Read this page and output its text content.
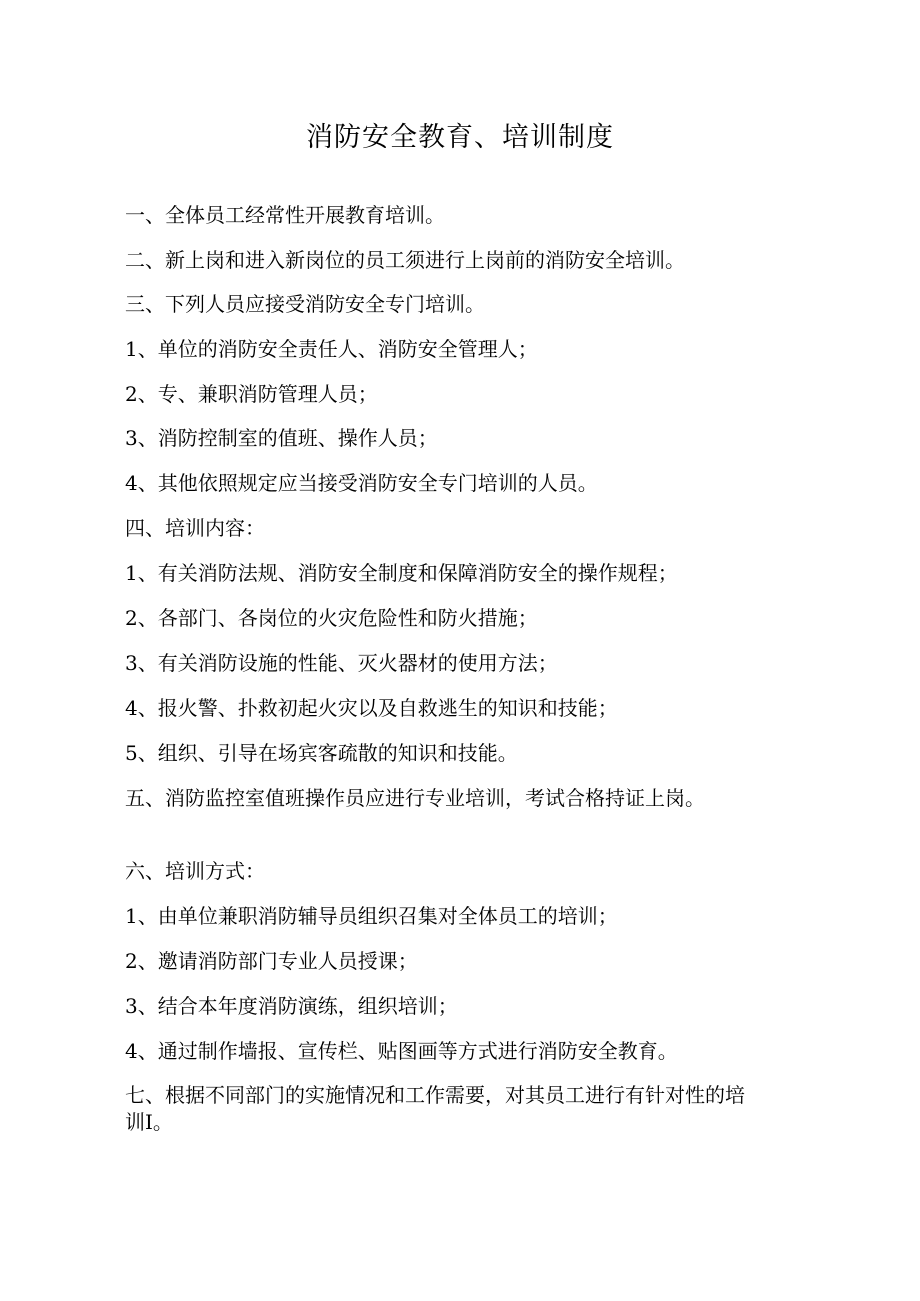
消防安全教育、培训制度

一、全体员工经常性开展教育培训。

二、新上岗和进入新岗位的员工须进行上岗前的消防安全培训。

三、下列人员应接受消防安全专门培训。

1、单位的消防安全责任人、消防安全管理人；

2、专、兼职消防管理人员；

3、消防控制室的值班、操作人员；

4、其他依照规定应当接受消防安全专门培训的人员。

四、培训内容：

1、有关消防法规、消防安全制度和保障消防安全的操作规程；

2、各部门、各岗位的火灾危险性和防火措施；

3、有关消防设施的性能、灭火器材的使用方法；

4、报火警、扑救初起火灾以及自救逃生的知识和技能；

5、组织、引导在场宾客疏散的知识和技能。

五、消防监控室值班操作员应进行专业培训，考试合格持证上岗。

六、培训方式：

1、由单位兼职消防辅导员组织召集对全体员工的培训；

2、邀请消防部门专业人员授课；

3、结合本年度消防演练，组织培训；

4、通过制作墙报、宣传栏、贴图画等方式进行消防安全教育。

七、根据不同部门的实施情况和工作需要，对其员工进行有针对性的培训I。
